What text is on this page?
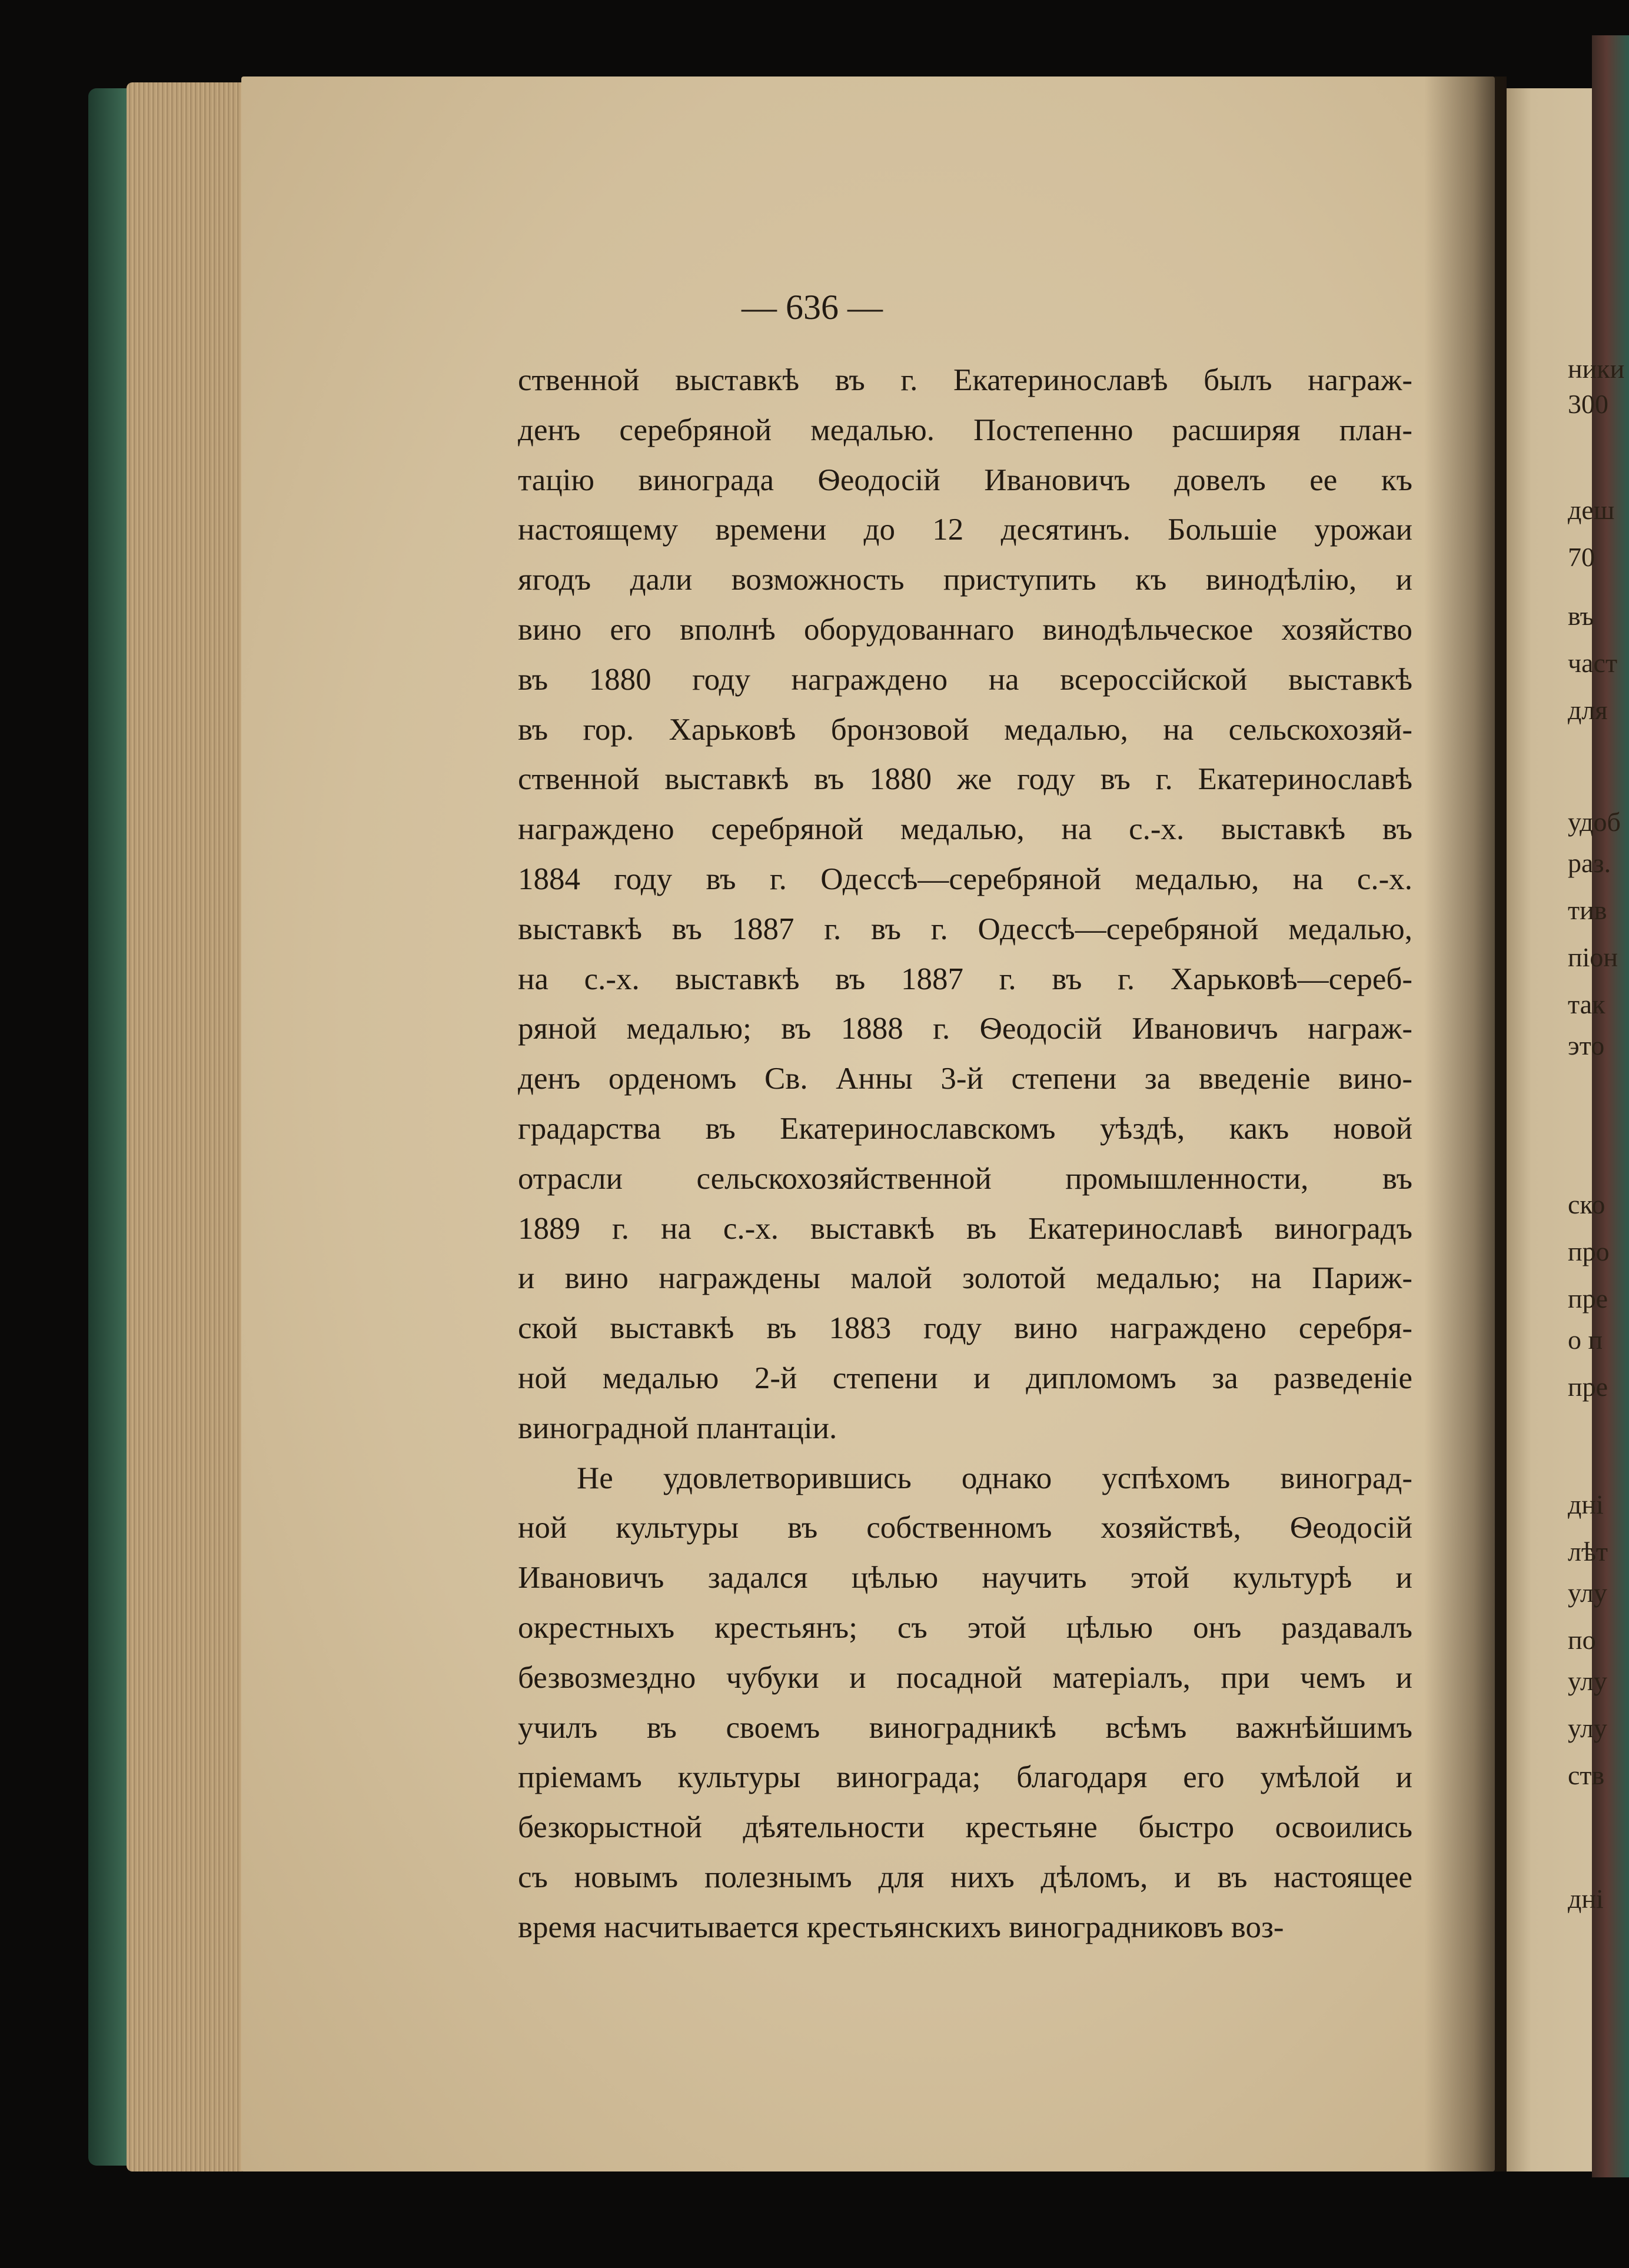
— 636 —
ственной выставкѣ въ г. Екатеринославѣ былъ награж-
денъ серебряной медалью. Постепенно расширяя план-
тацію винограда Ѳеодосій Ивановичъ довелъ ее къ
настоящему времени до 12 десятинъ. Большіе урожаи
ягодъ дали возможность приступить къ винодѣлію, и
вино его вполнѣ оборудованнаго винодѣльческое хозяйство
въ 1880 году награждено на всероссійской выставкѣ
въ гор. Харьковѣ бронзовой медалью, на сельскохозяй-
ственной выставкѣ въ 1880 же году въ г. Екатеринославѣ
награждено серебряной медалью, на с.-х. выставкѣ въ
1884 году въ г. Одессѣ—серебряной медалью, на с.-х.
выставкѣ въ 1887 г. въ г. Одессѣ—серебряной медалью,
на с.-х. выставкѣ въ 1887 г. въ г. Харьковѣ—сереб-
ряной медалью; въ 1888 г. Ѳеодосій Ивановичъ награж-
денъ орденомъ Св. Анны 3-й степени за введеніе вино-
градарства въ Екатеринославскомъ уѣздѣ, какъ новой
отрасли сельскохозяйственной промышленности, въ
1889 г. на с.-х. выставкѣ въ Екатеринославѣ виноградъ
и вино награждены малой золотой медалью; на Париж-
ской выставкѣ въ 1883 году вино награждено серебря-
ной медалью 2-й степени и дипломомъ за разведеніе
виноградной плантаціи.
Не удовлетворившись однако успѣхомъ виноград-
ной культуры въ собственномъ хозяйствѣ, Ѳеодосій
Ивановичъ задался цѣлью научить этой культурѣ и
окрестныхъ крестьянъ; съ этой цѣлью онъ раздавалъ
безвозмездно чубуки и посадной матеріалъ, при чемъ и
училъ въ своемъ виноградникѣ всѣмъ важнѣйшимъ
пріемамъ культуры винограда; благодаря его умѣлой и
безкорыстной дѣятельности крестьяне быстро освоились
съ новымъ полезнымъ для нихъ дѣломъ, и въ настоящее
время насчитывается крестьянскихъ виноградниковъ воз-
ники
300
деш
70
въ
част
для
удоб
раз.
тив
піон
так
это
ско
про
пре
о п
пре
дні
лѣт
улу
по
улу
улу
ств
дні
